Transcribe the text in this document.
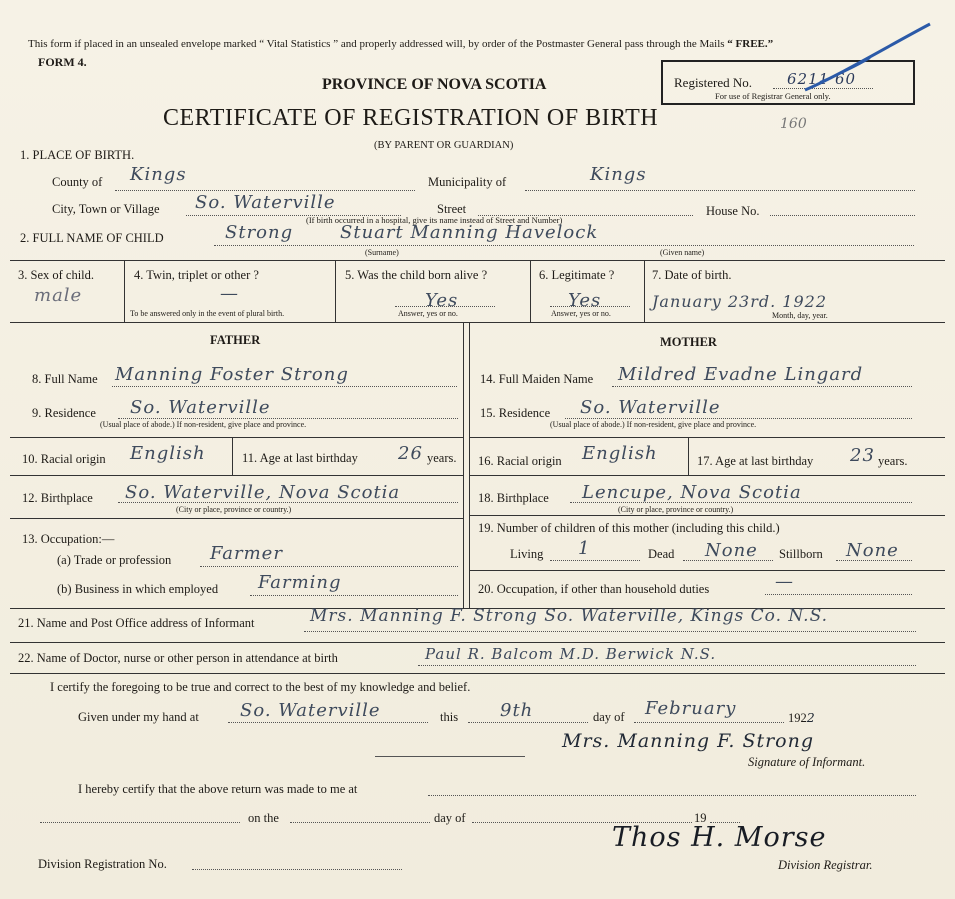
This form if placed in an unsealed envelope marked “ Vital Statistics ” and properly addressed will, by order of the Postmaster General pass through the Mails “ FREE.”
FORM 4.
PROVINCE OF NOVA SCOTIA
CERTIFICATE OF REGISTRATION OF BIRTH
(BY PARENT OR GUARDIAN)
160
Registered No. 6211 60
For use of Registrar General only.
1. PLACE OF BIRTH.
County of Kings	Municipality of	Kings
City, Town or Village So. Waterville	Street	House No.
(If birth occurred in a hospital, give its name instead of Street and Number)
2. FULL NAME OF CHILD	Strong	Stuart Manning Havelock
(Surname)	(Given name)
3. Sex of child.
male
4. Twin, triplet or other ?
—
To be answered only in the event of plural birth.
5. Was the child born alive ?
Yes
Answer, yes or no.
6. Legitimate ?
Yes
Answer, yes or no.
7. Date of birth.
January 23rd. 1922
Month, day, year.
FATHER	MOTHER
8. Full Name Manning Foster Strong
9. Residence So. Waterville
(Usual place of abode.) If non-resident, give place and province.
10. Racial origin English	11. Age at last birthday 26 years.
12. Birthplace So. Waterville, Nova Scotia
(City or place, province or country.)
13. Occupation:—
(a) Trade or profession Farmer
(b) Business in which employed Farming
14. Full Maiden Name Mildred Evadne Lingard
15. Residence So. Waterville
(Usual place of abode.) If non-resident, give place and province.
16. Racial origin English	17. Age at last birthday 23 years.
18. Birthplace Lencupe, Nova Scotia
(City or place, province or country.)
19. Number of children of this mother (including this child.)
Living 1	Dead None Stillborn None
20. Occupation, if other than household duties	—
21. Name and Post Office address of Informant	Mrs. Manning F. Strong So. Waterville, Kings Co. N.S.
22. Name of Doctor, nurse or other person in attendance at birth	Paul R. Balcom M.D. Berwick N.S.
I certify the foregoing to be true and correct to the best of my knowledge and belief.
Given under my hand at So. Waterville	this 9th	day of February	1922
Mrs. Manning F. Strong
Signature of Informant.
I hereby certify that the above return was made to me at
on the	day of	19
Thos H. Morse
Division Registration No.	Division Registrar.
